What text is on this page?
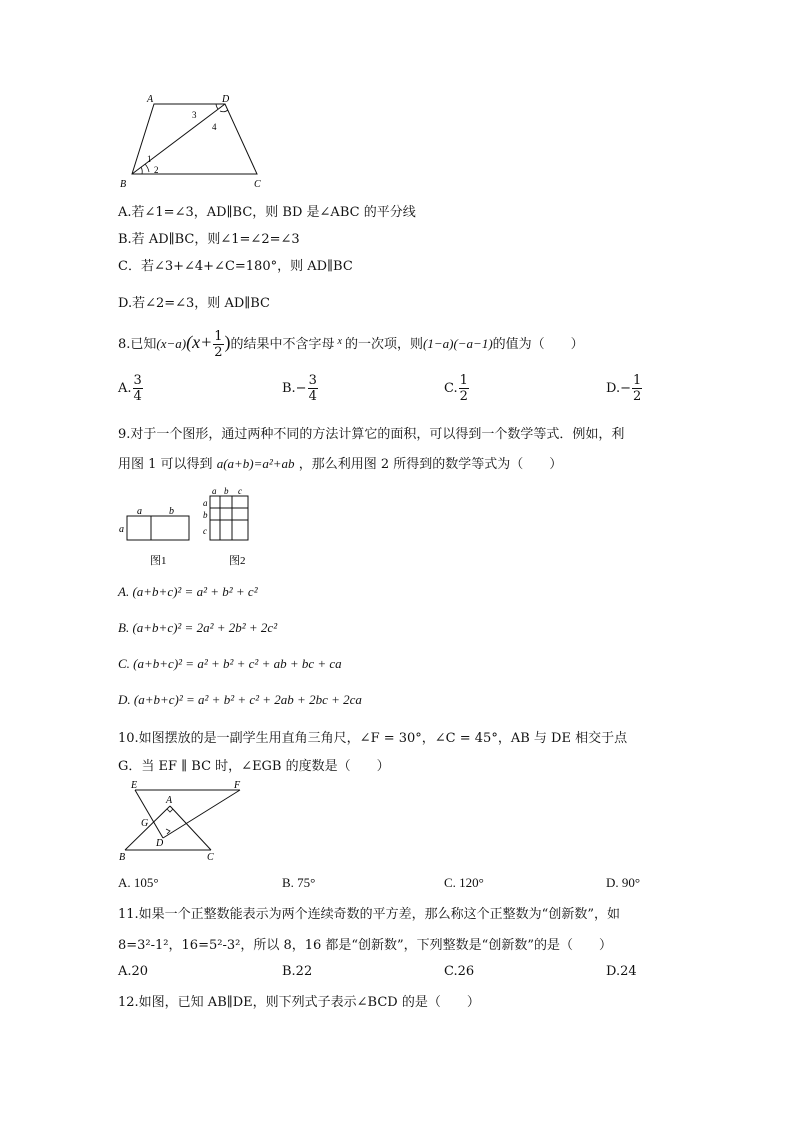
A	D
B	C
1
2
3
4
A.若∠1=∠3，AD∥BC，则 BD 是∠ABC 的平分线
B.若 AD∥BC，则∠1=∠2=∠3
C．若∠3+∠4+∠C=180°，则 AD∥BC
D.若∠2=∠3，则 AD∥BC
8.已知$(x-a)(x+ \frac{1}{2}$ )的结果中不含字母 $^x$ 的一次项，则(1−a)(−a−1)的值为（　　）
A. $\frac{3}{4}$	$B.- \frac{3}{4}$	C. $\frac{1}{2}$	$D.- \frac{1}{2}$
9.对于一个图形，通过两种不同的方法计算它的面积，可以得到一个数学等式．例如，利
用图 1 可以得到 a(a+b)=a²+ab ，那么利用图 2 所得到的数学等式为（　　）
a	b
a
图1
a b c
a
b
c
图2
A. (a+b+c)² = a² + b² + c²
B. (a+b+c)² = 2a² + 2b² + 2c²
C. (a+b+c)² = a² + b² + c² + ab + bc + ca
D. (a+b+c)² = a² + b² + c² + 2ab + 2bc + 2ca
10.如图摆放的是一副学生用直角三角尺，∠F = 30°，∠C = 45°，AB 与 DE 相交于点
G．当 EF ∥ BC 时，∠EGB 的度数是（　　）
E	F
A
G
D
B	C
A. 105°	B. 75°	C. 120°	D. 90°
11.如果一个正整数能表示为两个连续奇数的平方差，那么称这个正整数为“创新数”，如
8=3²-1²，16=5²-3²，所以 8，16 都是“创新数”，下列整数是“创新数”的是（　　）
A.20	B.22	C.26	D.24
12.如图，已知 AB∥DE，则下列式子表示∠BCD 的是（　　）
